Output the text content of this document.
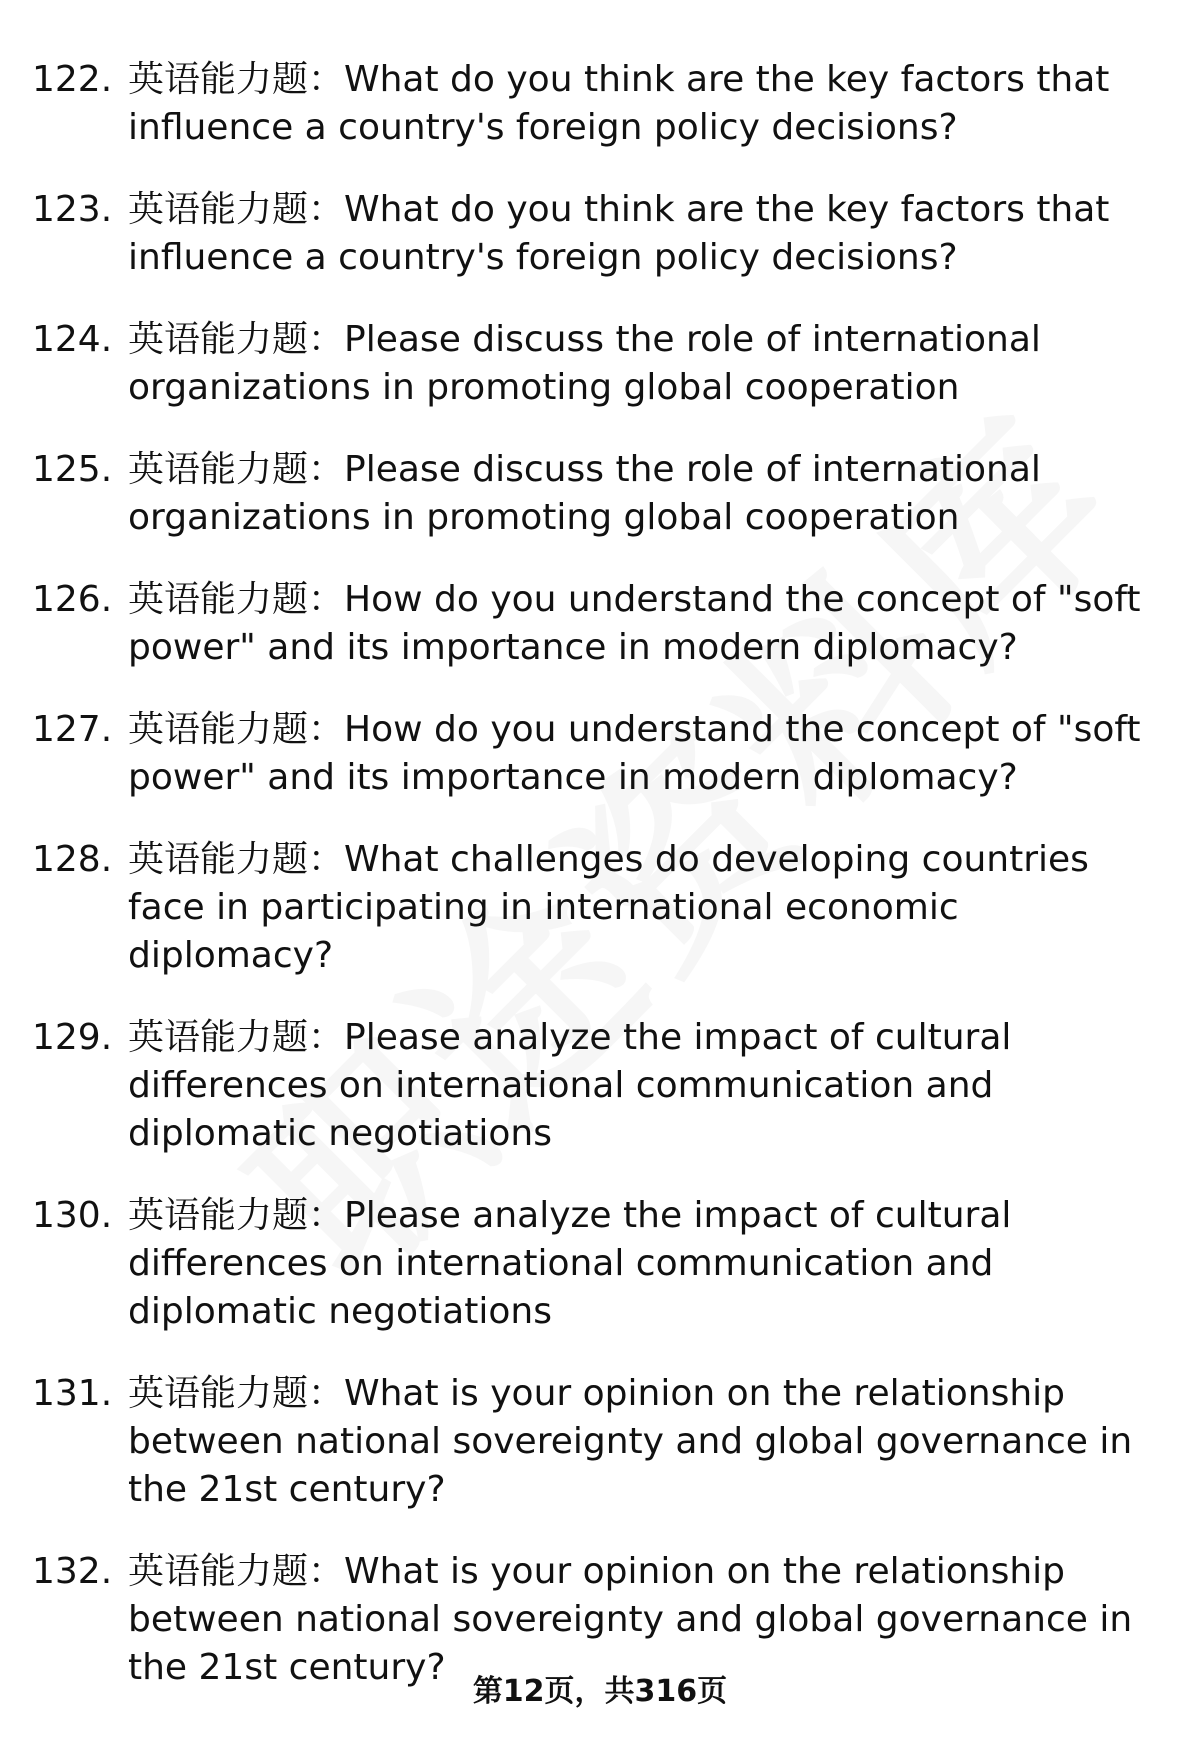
122. 英语能力题：What do you think are the key factors that influence a country's foreign policy decisions?
123. 英语能力题：What do you think are the key factors that influence a country's foreign policy decisions?
124. 英语能力题：Please discuss the role of international organizations in promoting global cooperation
125. 英语能力题：Please discuss the role of international organizations in promoting global cooperation
126. 英语能力题：How do you understand the concept of "soft power" and its importance in modern diplomacy?
127. 英语能力题：How do you understand the concept of "soft power" and its importance in modern diplomacy?
128. 英语能力题：What challenges do developing countries face in participating in international economic diplomacy?
129. 英语能力题：Please analyze the impact of cultural differences on international communication and diplomatic negotiations
130. 英语能力题：Please analyze the impact of cultural differences on international communication and diplomatic negotiations
131. 英语能力题：What is your opinion on the relationship between national sovereignty and global governance in the 21st century?
132. 英语能力题：What is your opinion on the relationship between national sovereignty and global governance in the 21st century?
第12页，共316页
